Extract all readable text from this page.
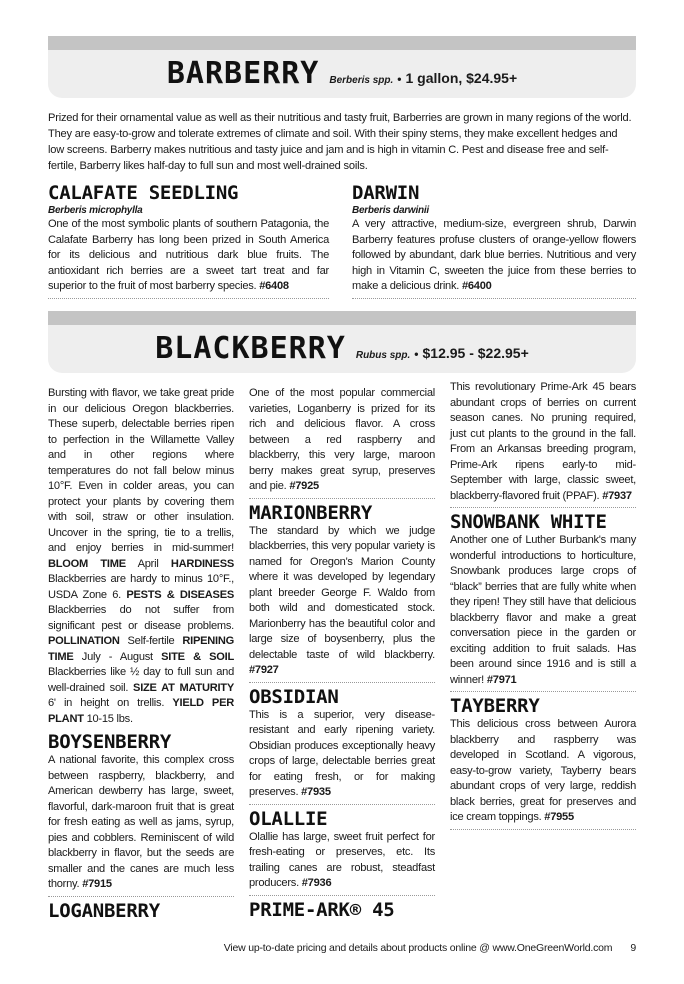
BARBERRY Berberis spp. • 1 gallon, $24.95+
Prized for their ornamental value as well as their nutritious and tasty fruit, Barberries are grown in many regions of the world. They are easy-to-grow and tolerate extremes of climate and soil. With their spiny stems, they make excellent hedges and low screens. Barberry makes nutritious and tasty juice and jam and is high in vitamin C. Pest and disease free and self-fertile, Barberry likes half-day to full sun and most well-drained soils.
CALAFATE SEEDLING
Berberis microphylla
One of the most symbolic plants of southern Patagonia, the Calafate Barberry has long been prized in South America for its delicious and nutritious dark blue fruits. The antioxidant rich berries are a sweet tart treat and far superior to the fruit of most barberry species. #6408
DARWIN
Berberis darwinii
A very attractive, medium-size, evergreen shrub, Darwin Barberry features profuse clusters of orange-yellow flowers followed by abundant, dark blue berries. Nutritious and very high in Vitamin C, sweeten the juice from these berries to make a delicious drink. #6400
BLACKBERRY Rubus spp. • $12.95 - $22.95+
Bursting with flavor, we take great pride in our delicious Oregon blackberries. These superb, delectable berries ripen to perfection in the Willamette Valley and in other regions where temperatures do not fall below minus 10°F. Even in colder areas, you can protect your plants by covering them with soil, straw or other insulation. Uncover in the spring, tie to a trellis, and enjoy berries in mid-summer! BLOOM TIME April HARDINESS Blackberries are hardy to minus 10°F., USDA Zone 6. PESTS & DISEASES Blackberries do not suffer from significant pest or disease problems. POLLINATION Self-fertile RIPENING TIME July - August SITE & SOIL Blackberries like ½ day to full sun and well-drained soil. SIZE AT MATURITY 6' in height on trellis. YIELD PER PLANT 10-15 lbs.
BOYSENBERRY
A national favorite, this complex cross between raspberry, blackberry, and American dewberry has large, sweet, flavorful, dark-maroon fruit that is great for fresh eating as well as jams, syrup, pies and cobblers. Reminiscent of wild blackberry in flavor, but the seeds are smaller and the canes are much less thorny. #7915
LOGANBERRY
One of the most popular commercial varieties, Loganberry is prized for its rich and delicious flavor. A cross between a red raspberry and blackberry, this very large, maroon berry makes great syrup, preserves and pie. #7925
MARIONBERRY
The standard by which we judge blackberries, this very popular variety is named for Oregon's Marion County where it was developed by legendary plant breeder George F. Waldo from both wild and domesticated stock. Marionberry has the beautiful color and large size of boysenberry, plus the delectable taste of wild blackberry. #7927
OBSIDIAN
This is a superior, very disease-resistant and early ripening variety. Obsidian produces exceptionally heavy crops of large, delectable berries great for eating fresh, or for making preserves. #7935
OLALLIE
Olallie has large, sweet fruit perfect for fresh-eating or preserves, etc. Its trailing canes are robust, steadfast producers. #7936
PRIME-ARK® 45
This revolutionary Prime-Ark 45 bears abundant crops of berries on current season canes. No pruning required, just cut plants to the ground in the fall. From an Arkansas breeding program, Prime-Ark ripens early-to mid-September with large, classic sweet, blackberry-flavored fruit (PPAF). #7937
SNOWBANK WHITE
Another one of Luther Burbank's many wonderful introductions to horticulture, Snowbank produces large crops of “black” berries that are fully white when they ripen! They still have that delicious blackberry flavor and make a great conversation piece in the garden or exciting addition to fruit salads. Has been around since 1916 and is still a winner! #7971
TAYBERRY
This delicious cross between Aurora blackberry and raspberry was developed in Scotland. A vigorous, easy-to-grow variety, Tayberry bears abundant crops of very large, reddish black berries, great for preserves and ice cream toppings. #7955
View up-to-date pricing and details about products online @ www.OneGreenWorld.com 9
